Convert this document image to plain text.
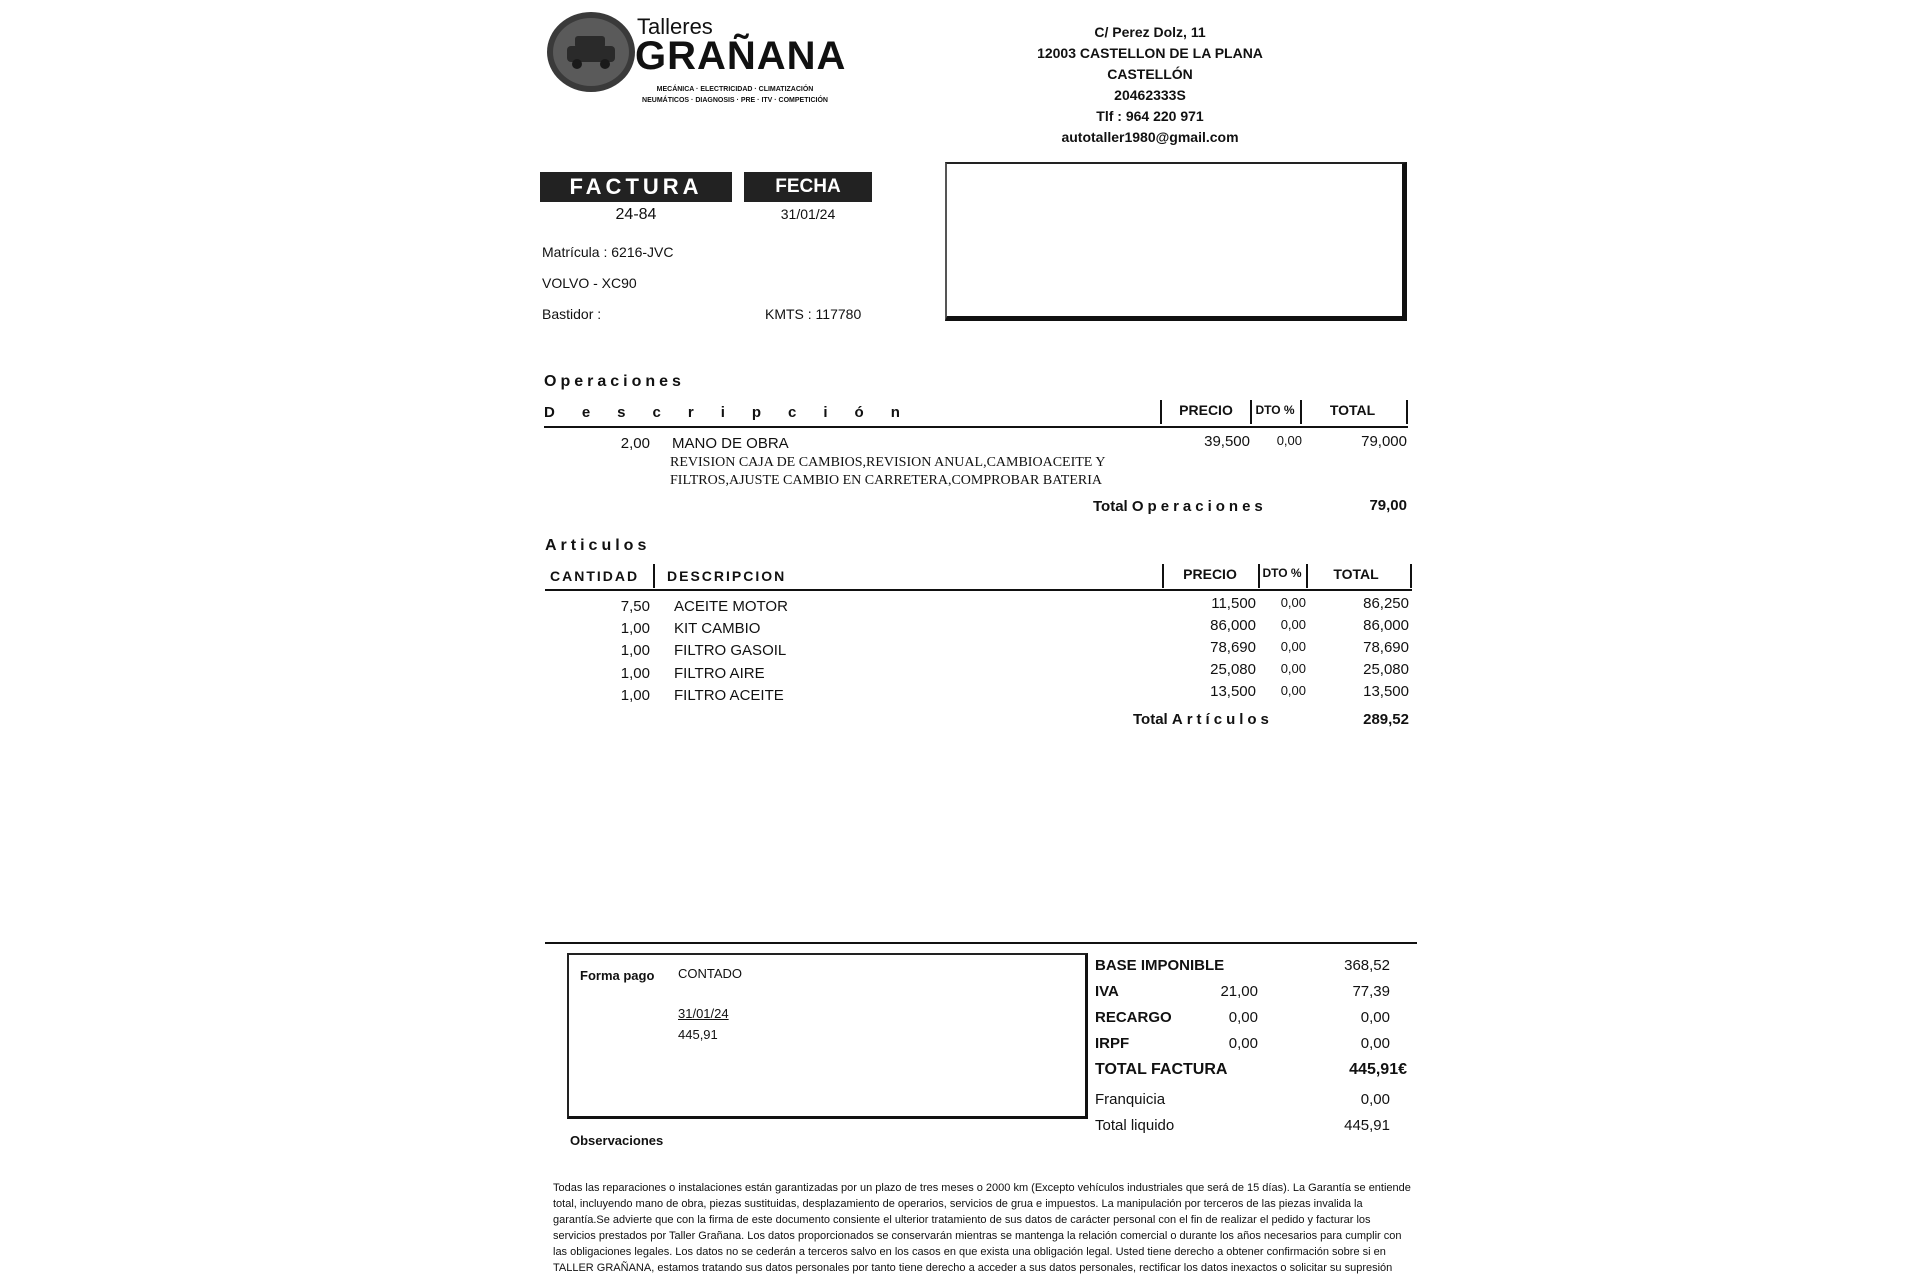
Talleres
GRAÑANA
MECÁNICA · ELECTRICIDAD · CLIMATIZACIÓN
NEUMÁTICOS · DIAGNOSIS · PRE · ITV · COMPETICIÓN
C/ Perez Dolz, 11
12003 CASTELLON DE LA PLANA
CASTELLÓN
20462333S
Tlf : 964 220 971
autotaller1980@gmail.com
FACTURA
24-84
FECHA
31/01/24
Matrícula : 6216-JVC
VOLVO - XC90
Bastidor :	KMTS : 117780
Operaciones
Descripción	PRECIO	DTO %	TOTAL
2,00 MANO DE OBRA
REVISION CAJA DE CAMBIOS,REVISION ANUAL,CAMBIOACEITE Y
FILTROS,AJUSTE CAMBIO EN CARRETERA,COMPROBAR BATERIA
39,500	0,00	79,000
Total Operaciones	79,00
Articulos
CANTIDAD DESCRIPCION	PRECIO	DTO %	TOTAL
7,50 ACEITE MOTOR	11,500	0,00	86,250
1,00 KIT CAMBIO	86,000	0,00	86,000
1,00 FILTRO GASOIL	78,690	0,00	78,690
1,00 FILTRO AIRE	25,080	0,00	25,080
1,00 FILTRO ACEITE	13,500	0,00	13,500
Total Artículos	289,52
Forma pago CONTADO
31/01/24
445,91
Observaciones
BASE IMPONIBLE	368,52
IVA	21,00	77,39
RECARGO	0,00	0,00
IRPF	0,00	0,00
TOTAL FACTURA	445,91€
Franquicia	0,00
Total liquido	445,91
Todas las reparaciones o instalaciones están garantizadas por un plazo de tres meses o 2000 km (Excepto vehículos industriales que será de 15 días). La Garantía se entiende
total, incluyendo mano de obra, piezas sustituidas, desplazamiento de operarios, servicios de grua e impuestos. La manipulación por terceros de las piezas invalida la
garantía.Se advierte que con la firma de este documento consiente el ulterior tratamiento de sus datos de carácter personal con el fin de realizar el pedido y facturar los
servicios prestados por Taller Grañana. Los datos proporcionados se conservarán mientras se mantenga la relación comercial o durante los años necesarios para cumplir con
las obligaciones legales. Los datos no se cederán a terceros salvo en los casos en que exista una obligación legal. Usted tiene derecho a obtener confirmación sobre si en
TALLER GRAÑANA, estamos tratando sus datos personales por tanto tiene derecho a acceder a sus datos personales, rectificar los datos inexactos o solicitar su supresión
